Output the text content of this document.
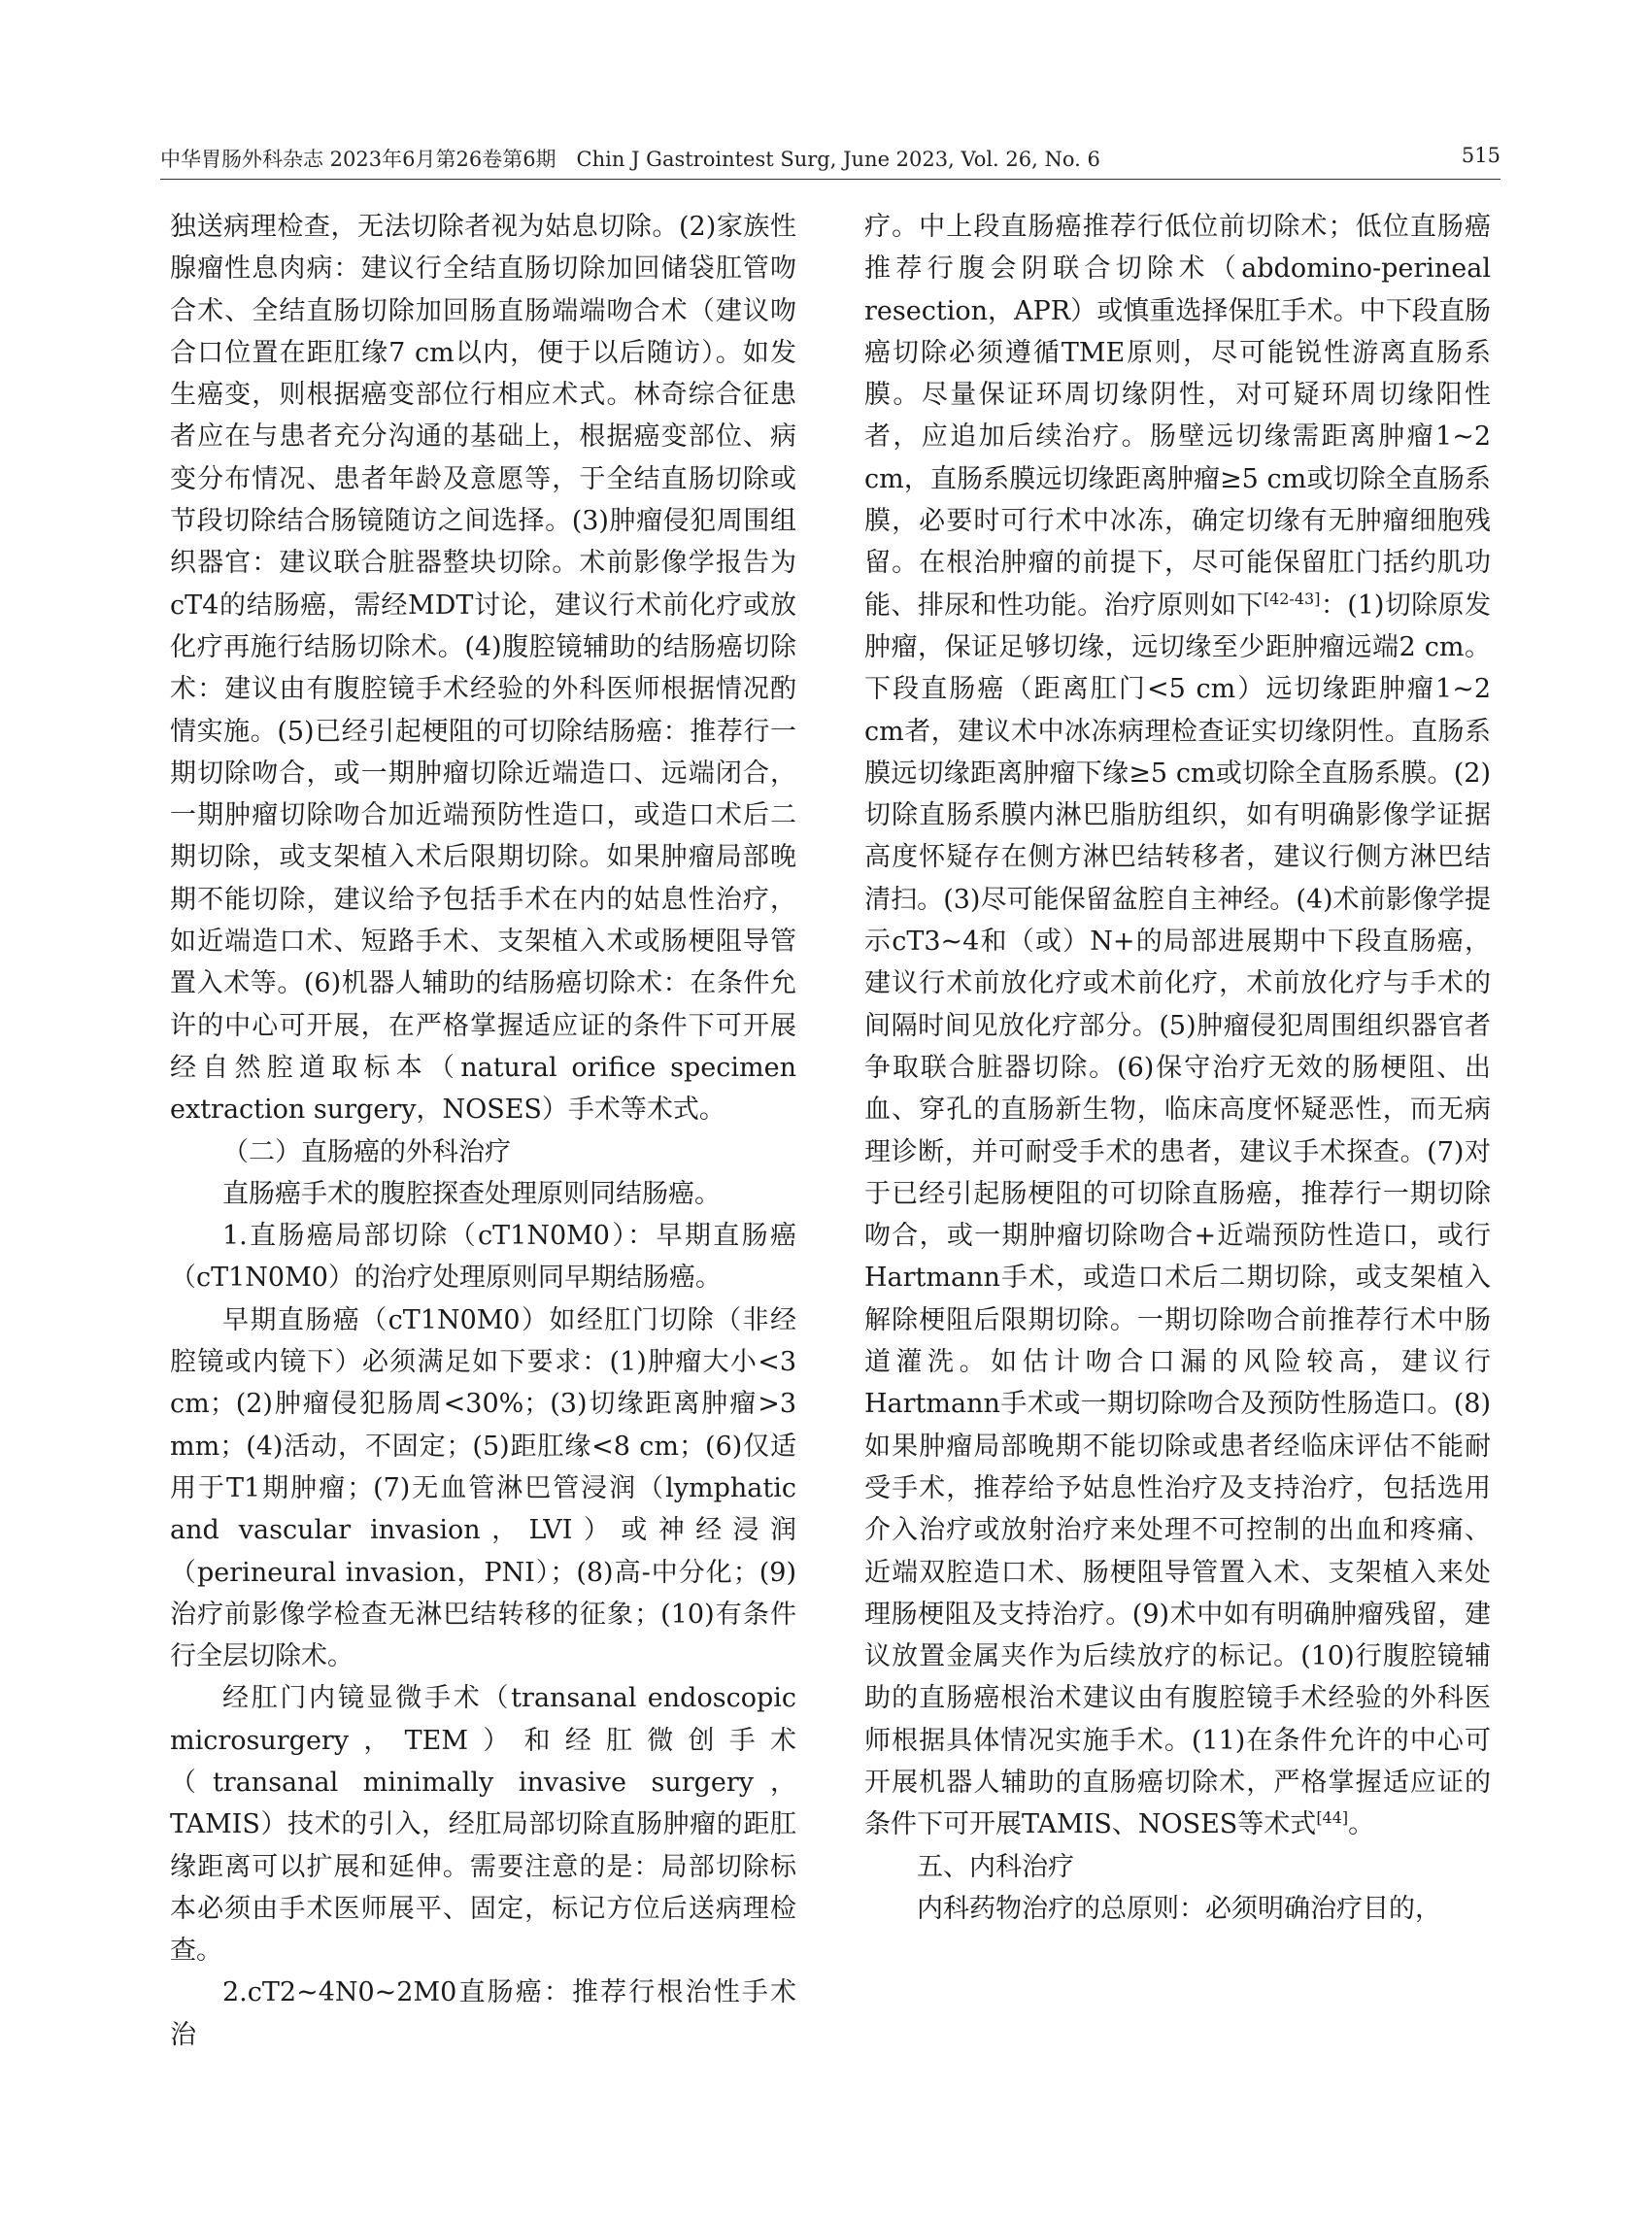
中华胃肠外科杂志 2023年6月第26卷第6期　Chin J Gastrointest Surg, June 2023, Vol. 26, No. 6	515

独送病理检查，无法切除者视为姑息切除。(2)家族性腺瘤性息肉病：建议行全结直肠切除加回储袋肛管吻合术、全结直肠切除加回肠直肠端端吻合术（建议吻合口位置在距肛缘7 cm以内，便于以后随访）。如发生癌变，则根据癌变部位行相应术式。林奇综合征患者应在与患者充分沟通的基础上，根据癌变部位、病变分布情况、患者年龄及意愿等，于全结直肠切除或节段切除结合肠镜随访之间选择。(3)肿瘤侵犯周围组织器官：建议联合脏器整块切除。术前影像学报告为cT4的结肠癌，需经MDT讨论，建议行术前化疗或放化疗再施行结肠切除术。(4)腹腔镜辅助的结肠癌切除术：建议由有腹腔镜手术经验的外科医师根据情况酌情实施。(5)已经引起梗阻的可切除结肠癌：推荐行一期切除吻合，或一期肿瘤切除近端造口、远端闭合，一期肿瘤切除吻合加近端预防性造口，或造口术后二期切除，或支架植入术后限期切除。如果肿瘤局部晚期不能切除，建议给予包括手术在内的姑息性治疗，如近端造口术、短路手术、支架植入术或肠梗阻导管置入术等。(6)机器人辅助的结肠癌切除术：在条件允许的中心可开展，在严格掌握适应证的条件下可开展经自然腔道取标本（natural orifice specimen extraction surgery，NOSES）手术等术式。

（二）直肠癌的外科治疗

直肠癌手术的腹腔探查处理原则同结肠癌。

1.直肠癌局部切除（cT1N0M0）：早期直肠癌（cT1N0M0）的治疗处理原则同早期结肠癌。

早期直肠癌（cT1N0M0）如经肛门切除（非经腔镜或内镜下）必须满足如下要求：(1)肿瘤大小<3 cm；(2)肿瘤侵犯肠周<30%；(3)切缘距离肿瘤>3 mm；(4)活动，不固定；(5)距肛缘<8 cm；(6)仅适用于T1期肿瘤；(7)无血管淋巴管浸润（lymphatic and vascular invasion，LVI）或神经浸润（perineural invasion，PNI）；(8)高-中分化；(9)治疗前影像学检查无淋巴结转移的征象；(10)有条件行全层切除术。

经肛门内镜显微手术（transanal endoscopic microsurgery，TEM）和经肛微创手术（transanal minimally invasive surgery，TAMIS）技术的引入，经肛局部切除直肠肿瘤的距肛缘距离可以扩展和延伸。需要注意的是：局部切除标本必须由手术医师展平、固定，标记方位后送病理检查。

2.cT2~4N0~2M0直肠癌：推荐行根治性手术治

疗。中上段直肠癌推荐行低位前切除术；低位直肠癌推荐行腹会阴联合切除术（abdomino-perineal resection，APR）或慎重选择保肛手术。中下段直肠癌切除必须遵循TME原则，尽可能锐性游离直肠系膜。尽量保证环周切缘阴性，对可疑环周切缘阳性者，应追加后续治疗。肠壁远切缘需距离肿瘤1~2 cm，直肠系膜远切缘距离肿瘤≥5 cm或切除全直肠系膜，必要时可行术中冰冻，确定切缘有无肿瘤细胞残留。在根治肿瘤的前提下，尽可能保留肛门括约肌功能、排尿和性功能。治疗原则如下[42-43]：(1)切除原发肿瘤，保证足够切缘，远切缘至少距肿瘤远端2 cm。下段直肠癌（距离肛门<5 cm）远切缘距肿瘤1~2 cm者，建议术中冰冻病理检查证实切缘阴性。直肠系膜远切缘距离肿瘤下缘≥5 cm或切除全直肠系膜。(2)切除直肠系膜内淋巴脂肪组织，如有明确影像学证据高度怀疑存在侧方淋巴结转移者，建议行侧方淋巴结清扫。(3)尽可能保留盆腔自主神经。(4)术前影像学提示cT3~4和（或）N+的局部进展期中下段直肠癌，建议行术前放化疗或术前化疗，术前放化疗与手术的间隔时间见放化疗部分。(5)肿瘤侵犯周围组织器官者争取联合脏器切除。(6)保守治疗无效的肠梗阻、出血、穿孔的直肠新生物，临床高度怀疑恶性，而无病理诊断，并可耐受手术的患者，建议手术探查。(7)对于已经引起肠梗阻的可切除直肠癌，推荐行一期切除吻合，或一期肿瘤切除吻合+近端预防性造口，或行Hartmann手术，或造口术后二期切除，或支架植入解除梗阻后限期切除。一期切除吻合前推荐行术中肠道灌洗。如估计吻合口漏的风险较高，建议行Hartmann手术或一期切除吻合及预防性肠造口。(8)如果肿瘤局部晚期不能切除或患者经临床评估不能耐受手术，推荐给予姑息性治疗及支持治疗，包括选用介入治疗或放射治疗来处理不可控制的出血和疼痛、近端双腔造口术、肠梗阻导管置入术、支架植入来处理肠梗阻及支持治疗。(9)术中如有明确肿瘤残留，建议放置金属夹作为后续放疗的标记。(10)行腹腔镜辅助的直肠癌根治术建议由有腹腔镜手术经验的外科医师根据具体情况实施手术。(11)在条件允许的中心可开展机器人辅助的直肠癌切除术，严格掌握适应证的条件下可开展TAMIS、NOSES等术式[44]。

五、内科治疗

内科药物治疗的总原则：必须明确治疗目的，
